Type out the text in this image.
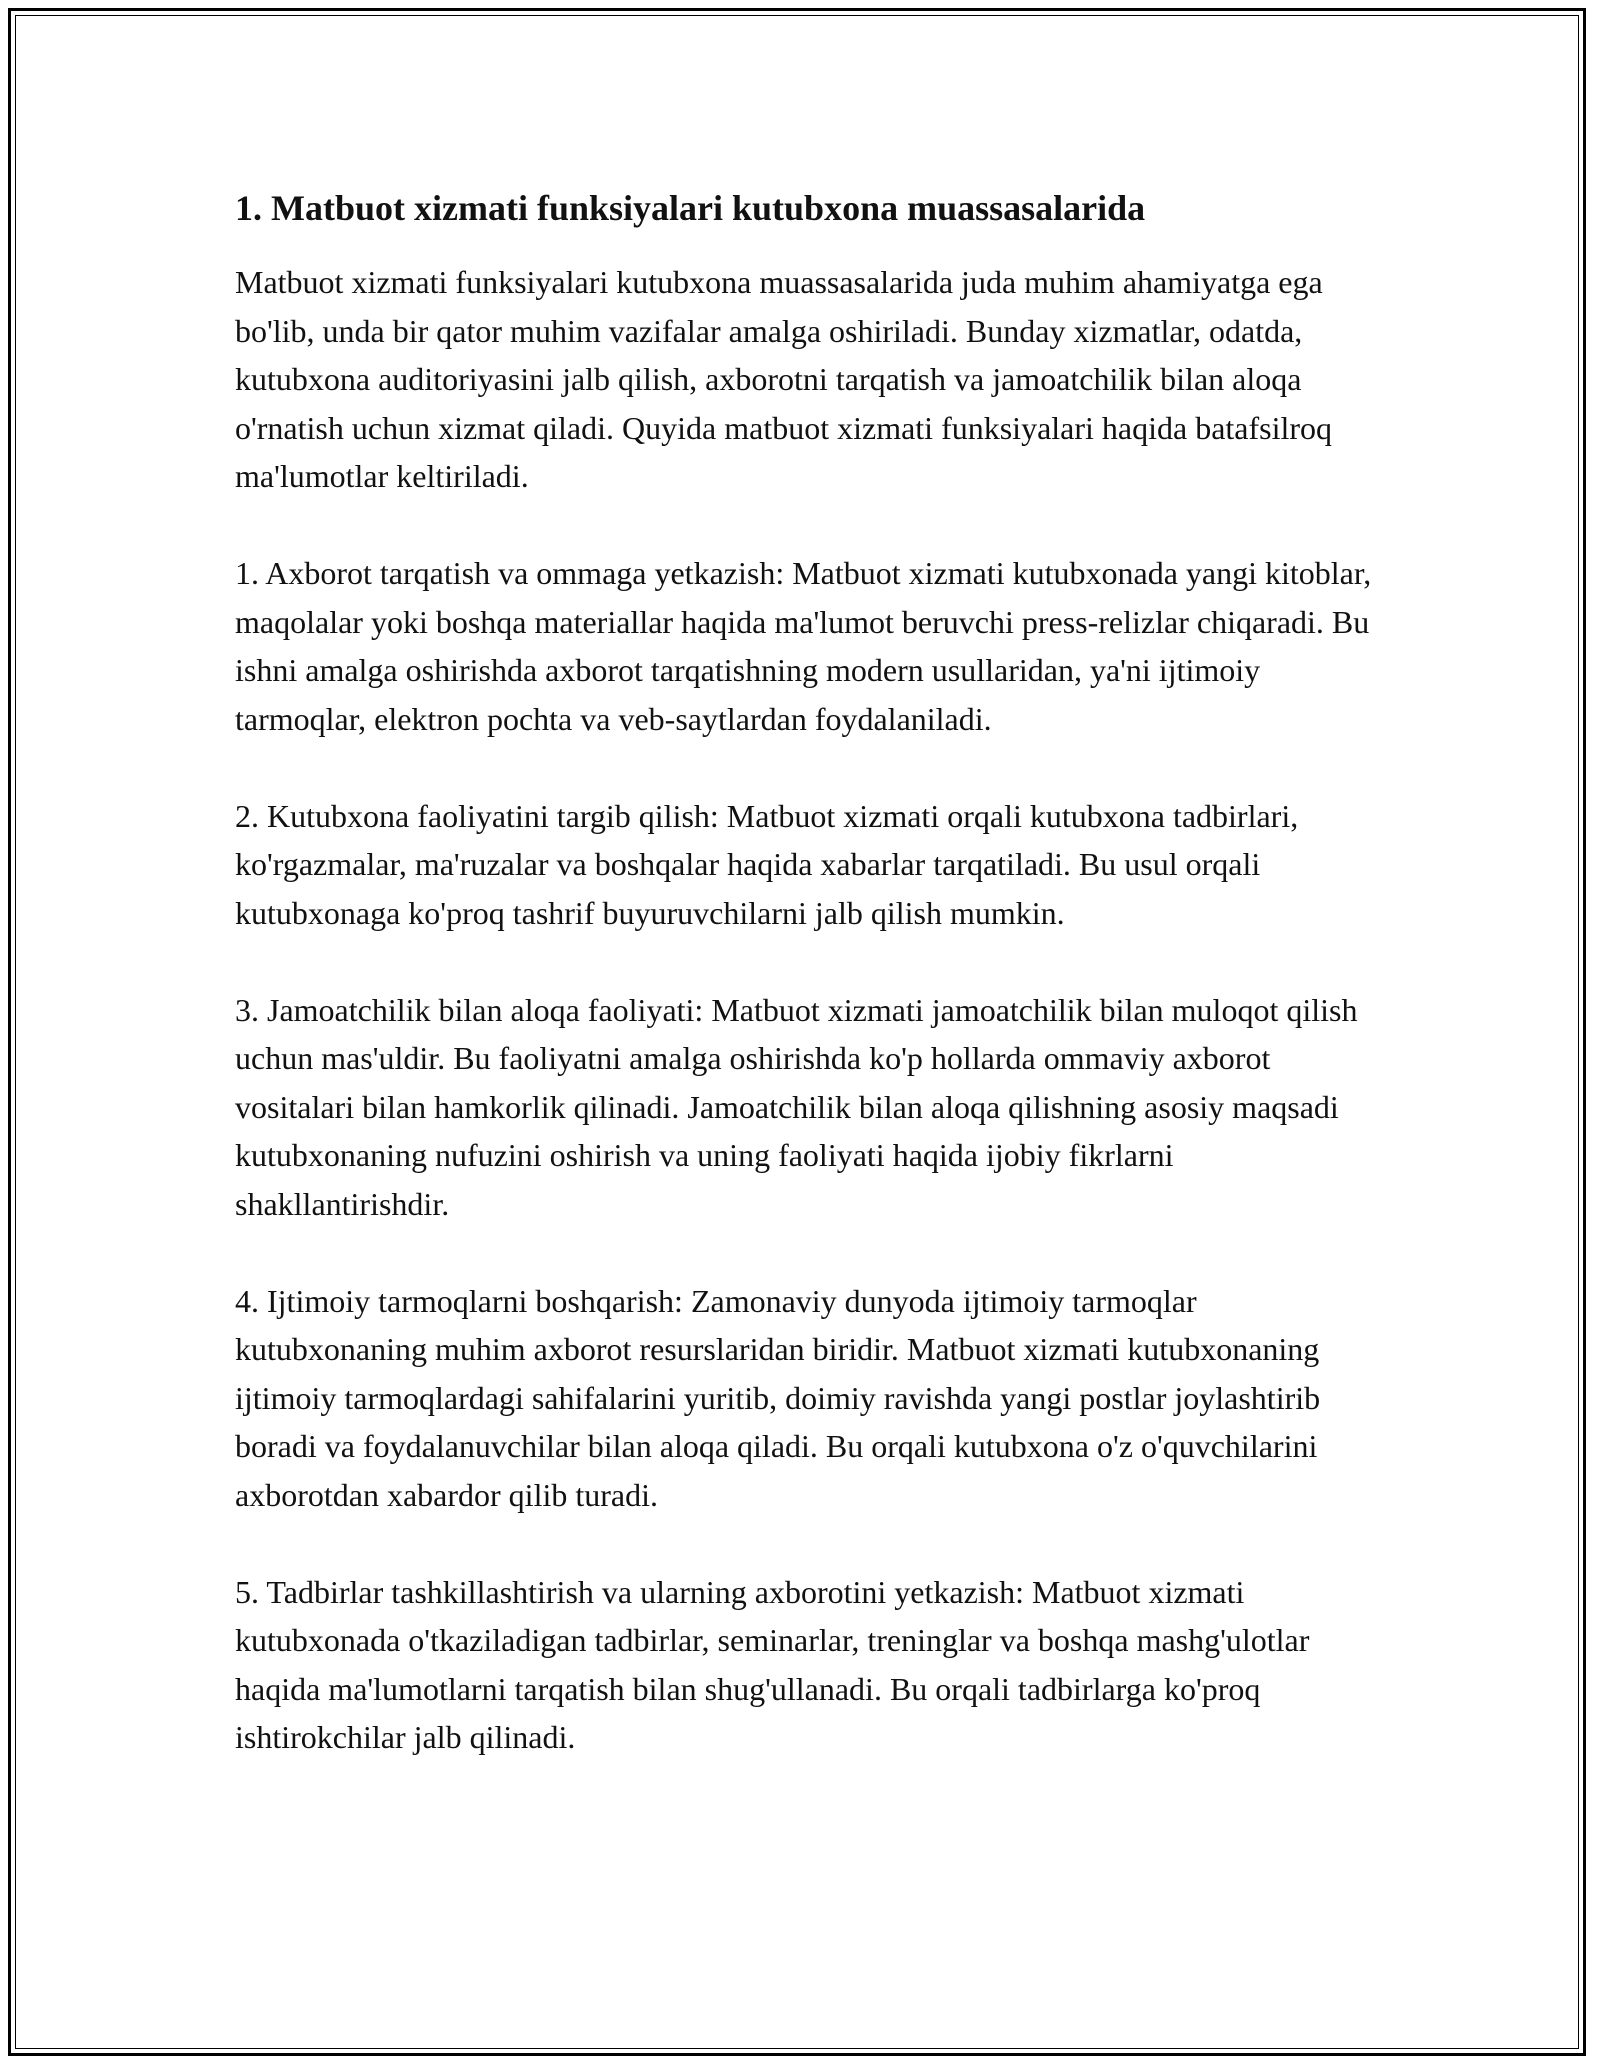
1. Matbuot xizmati funksiyalari kutubxona muassasalarida

Matbuot xizmati funksiyalari kutubxona muassasalarida juda muhim ahamiyatga ega bo'lib, unda bir qator muhim vazifalar amalga oshiriladi. Bunday xizmatlar, odatda, kutubxona auditoriyasini jalb qilish, axborotni tarqatish va jamoatchilik bilan aloqa o'rnatish uchun xizmat qiladi. Quyida matbuot xizmati funksiyalari haqida batafsilroq ma'lumotlar keltiriladi.

1. Axborot tarqatish va ommaga yetkazish: Matbuot xizmati kutubxonada yangi kitoblar, maqolalar yoki boshqa materiallar haqida ma'lumot beruvchi press-relizlar chiqaradi. Bu ishni amalga oshirishda axborot tarqatishning modern usullaridan, ya'ni ijtimoiy tarmoqlar, elektron pochta va veb-saytlardan foydalaniladi.

2. Kutubxona faoliyatini targib qilish: Matbuot xizmati orqali kutubxona tadbirlari, ko'rgazmalar, ma'ruzalar va boshqalar haqida xabarlar tarqatiladi. Bu usul orqali kutubxonaga ko'proq tashrif buyuruvchilarni jalb qilish mumkin.

3. Jamoatchilik bilan aloqa faoliyati: Matbuot xizmati jamoatchilik bilan muloqot qilish uchun mas'uldir. Bu faoliyatni amalga oshirishda ko'p hollarda ommaviy axborot vositalari bilan hamkorlik qilinadi. Jamoatchilik bilan aloqa qilishning asosiy maqsadi kutubxonaning nufuzini oshirish va uning faoliyati haqida ijobiy fikrlarni shakllantirishdir.

4. Ijtimoiy tarmoqlarni boshqarish: Zamonaviy dunyoda ijtimoiy tarmoqlar kutubxonaning muhim axborot resurslaridan biridir. Matbuot xizmati kutubxonaning ijtimoiy tarmoqlardagi sahifalarini yuritib, doimiy ravishda yangi postlar joylashtirib boradi va foydalanuvchilar bilan aloqa qiladi. Bu orqali kutubxona o'z o'quvchilarini axborotdan xabardor qilib turadi.

5. Tadbirlar tashkillashtirish va ularning axborotini yetkazish: Matbuot xizmati kutubxonada o'tkaziladigan tadbirlar, seminarlar, treninglar va boshqa mashg'ulotlar haqida ma'lumotlarni tarqatish bilan shug'ullanadi. Bu orqali tadbirlarga ko'proq ishtirokchilar jalb qilinadi.
